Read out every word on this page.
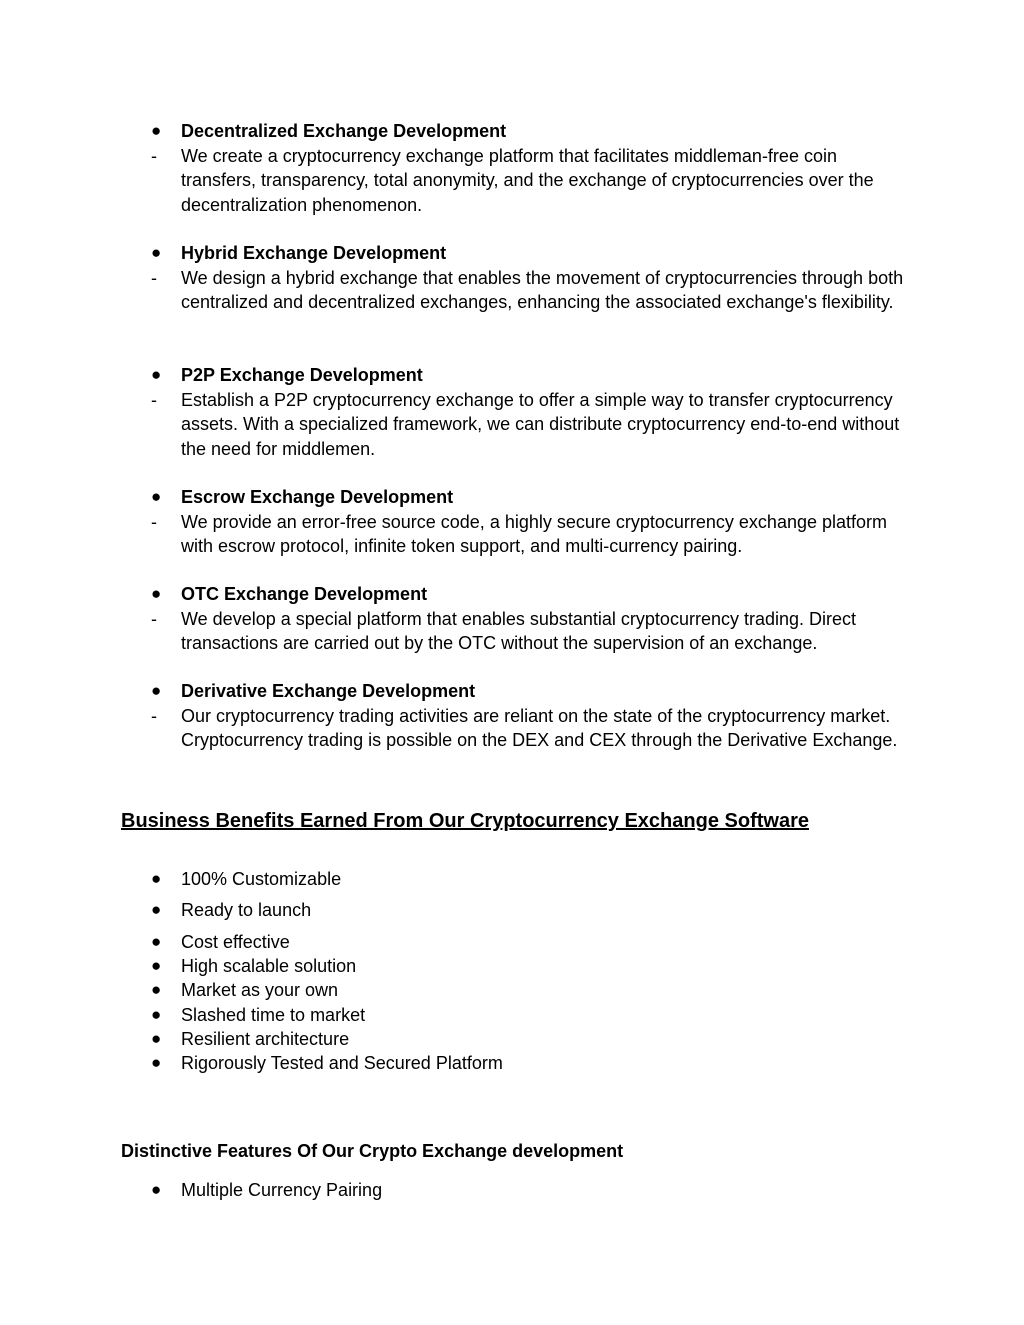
● Decentralized Exchange Development
- We create a cryptocurrency exchange platform that facilitates middleman-free coin transfers, transparency, total anonymity, and the exchange of cryptocurrencies over the decentralization phenomenon.
● Hybrid Exchange Development
- We design a hybrid exchange that enables the movement of cryptocurrencies through both centralized and decentralized exchanges, enhancing the associated exchange's flexibility.
● P2P Exchange Development
- Establish a P2P cryptocurrency exchange to offer a simple way to transfer cryptocurrency assets. With a specialized framework, we can distribute cryptocurrency end-to-end without the need for middlemen.
● Escrow Exchange Development
- We provide an error-free source code, a highly secure cryptocurrency exchange platform with escrow protocol, infinite token support, and multi-currency pairing.
● OTC Exchange Development
- We develop a special platform that enables substantial cryptocurrency trading. Direct transactions are carried out by the OTC without the supervision of an exchange.
● Derivative Exchange Development
- Our cryptocurrency trading activities are reliant on the state of the cryptocurrency market. Cryptocurrency trading is possible on the DEX and CEX through the Derivative Exchange.
Business Benefits Earned From Our Cryptocurrency Exchange Software
● 100% Customizable
● Ready to launch
● Cost effective
● High scalable solution
● Market as your own
● Slashed time to market
● Resilient architecture
● Rigorously Tested and Secured Platform
Distinctive Features Of Our Crypto Exchange development
● Multiple Currency Pairing
